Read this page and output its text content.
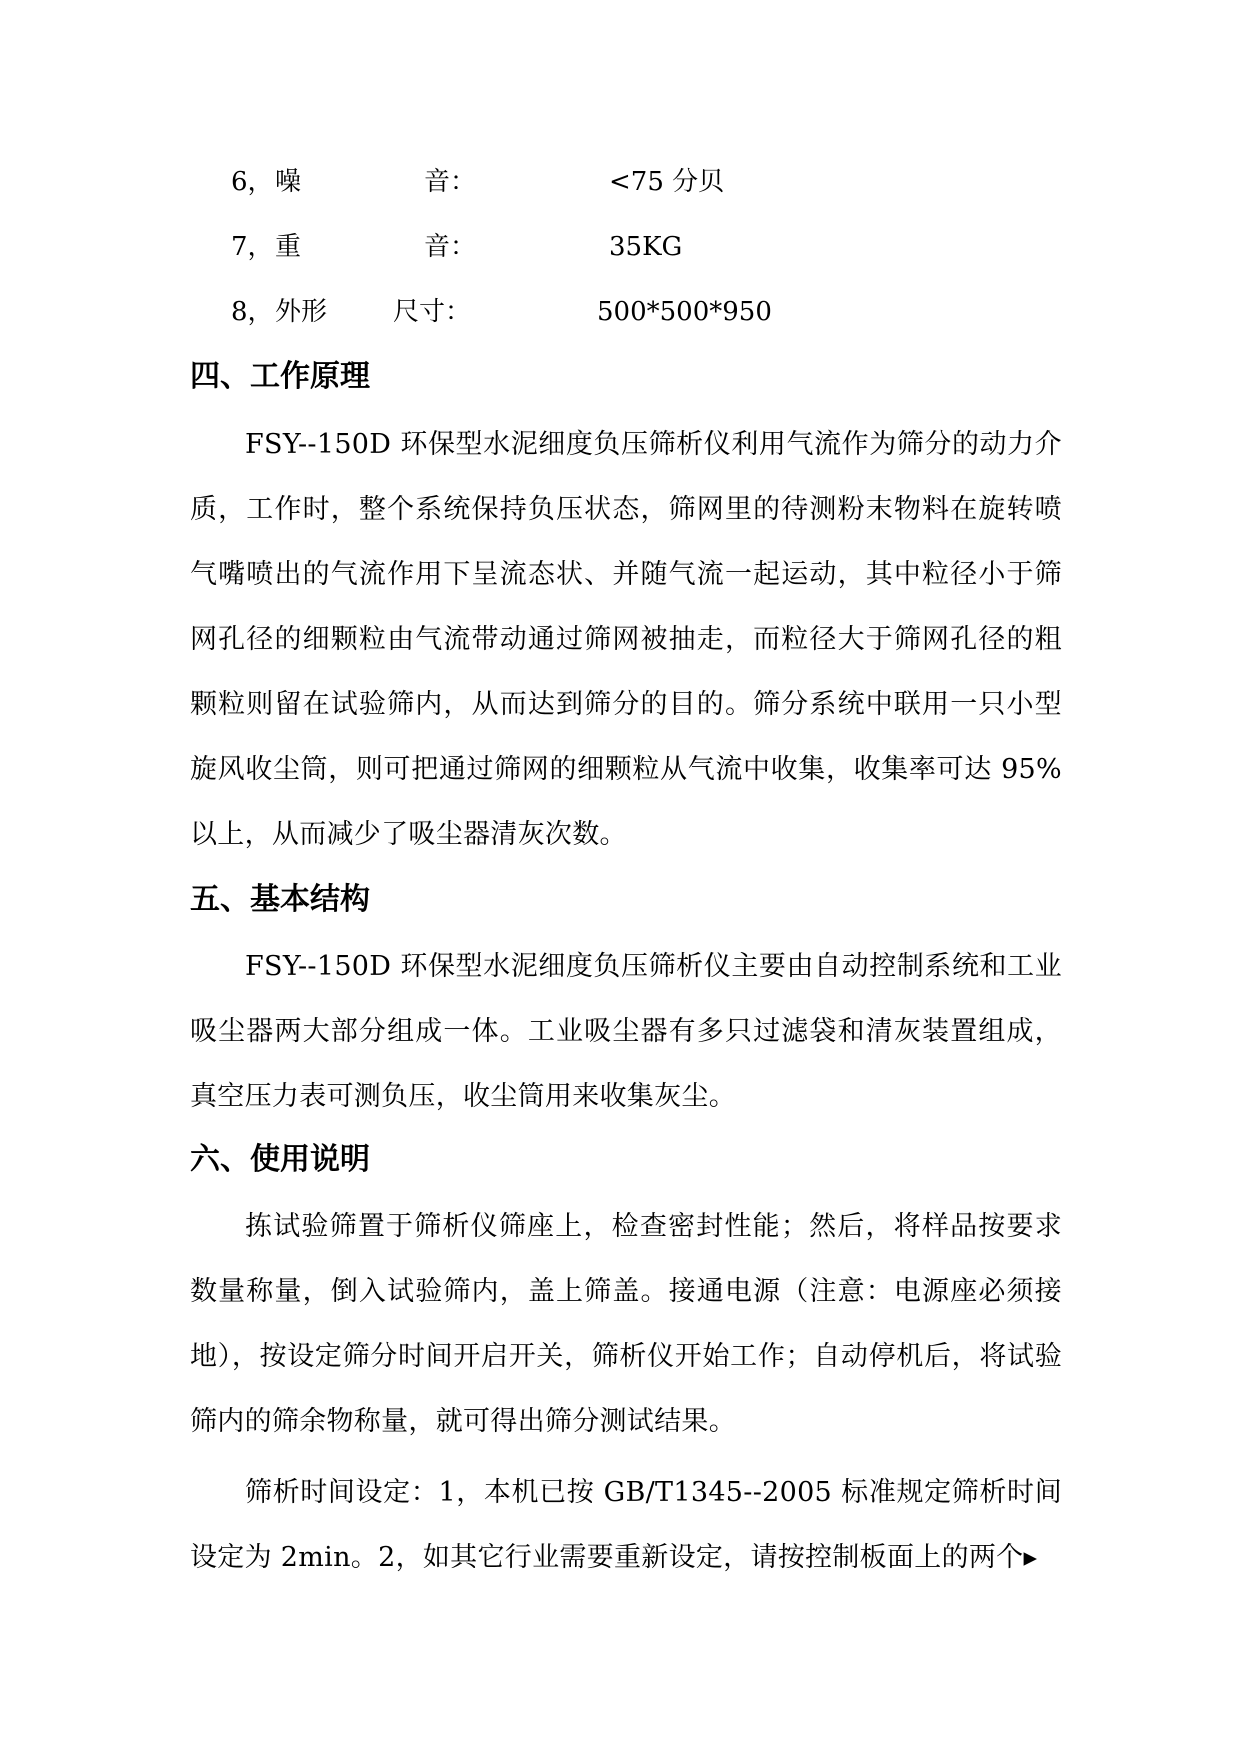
6， 噪	音：	<75 分贝
7， 重	音：	35KG
8， 外形	尺寸：	500*500*950
四、工作原理

FSY--150D 环保型水泥细度负压筛析仪利用气流作为筛分的动力介质，工作时，整个系统保持负压状态，筛网里的待测粉末物料在旋转喷气嘴喷出的气流作用下呈流态状、并随气流一起运动，其中粒径小于筛网孔径的细颗粒由气流带动通过筛网被抽走，而粒径大于筛网孔径的粗颗粒则留在试验筛内，从而达到筛分的目的。筛分系统中联用一只小型旋风收尘筒，则可把通过筛网的细颗粒从气流中收集，收集率可达 95%以上，从而减少了吸尘器清灰次数。

五、基本结构

FSY--150D 环保型水泥细度负压筛析仪主要由自动控制系统和工业吸尘器两大部分组成一体。工业吸尘器有多只过滤袋和清灰装置组成，真空压力表可测负压，收尘筒用来收集灰尘。

六、使用说明

拣试验筛置于筛析仪筛座上，检查密封性能；然后，将样品按要求数量称量，倒入试验筛内，盖上筛盖。接通电源（注意：电源座必须接地），按设定筛分时间开启开关，筛析仪开始工作；自动停机后，将试验筛内的筛余物称量，就可得出筛分测试结果。

筛析时间设定：1，本机已按 GB/T1345--2005 标准规定筛析时间设定为 2min。2，如其它行业需要重新设定，请按控制板面上的两个▸
